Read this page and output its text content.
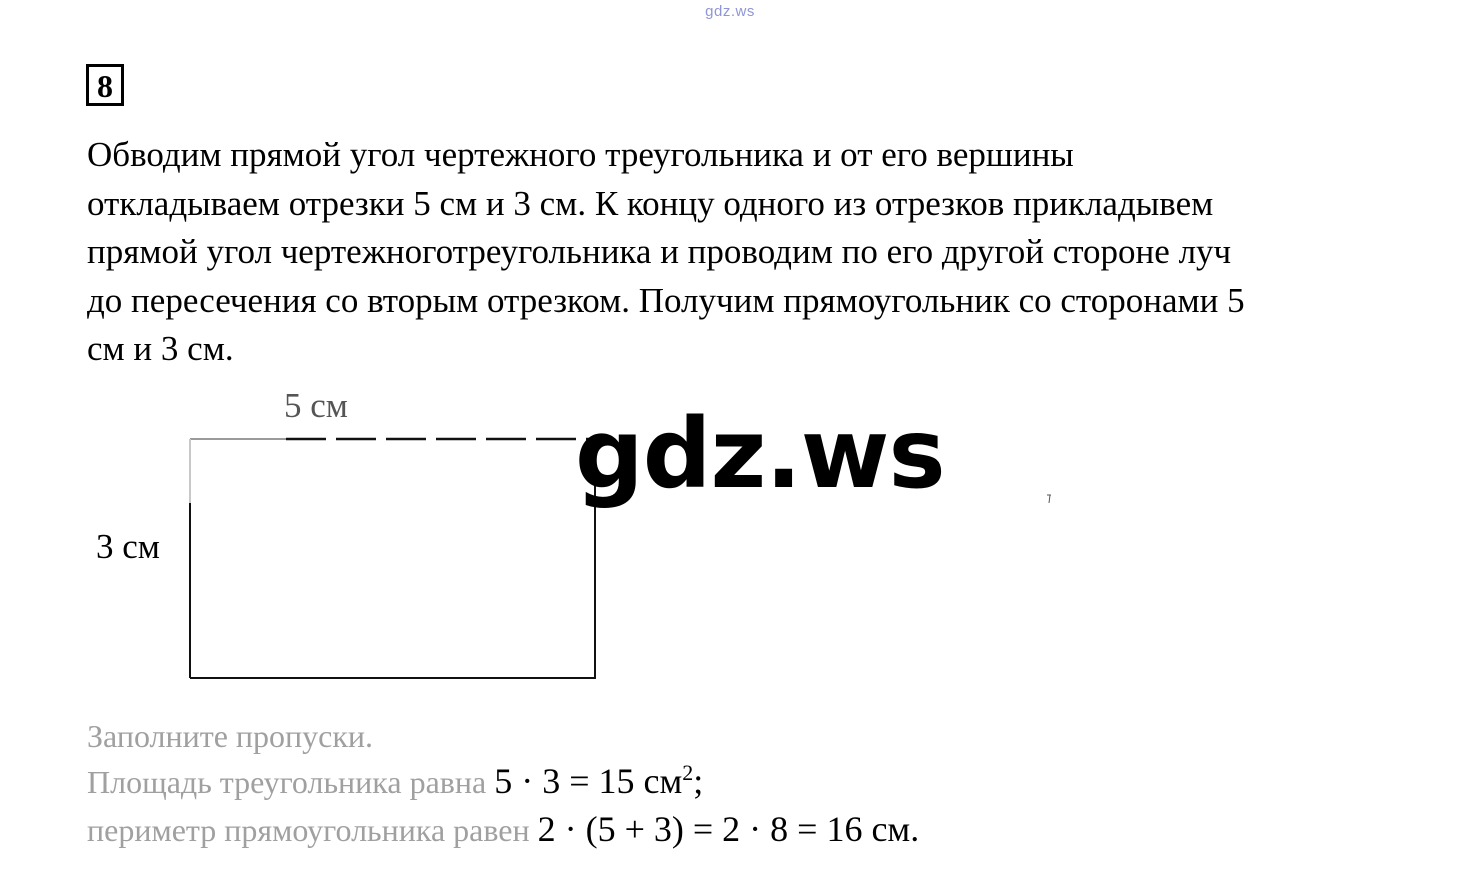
gdz.ws
8
Обводим прямой угол чертежного треугольника и от его вершины
откладываем отрезки 5 см и 3 см. К концу одного из отрезков прикладывем
прямой угол чертежноготреугольника и проводим по его другой стороне луч
до пересечения со вторым отрезком. Получим прямоугольник со сторонами 5
см и 3 см.
5 см
3 см
gdz.ws
Заполните пропуски.
Площадь треугольника равна 5 · 3 = 15 $см^2$;
периметр прямоугольника равен 2 · (5 + 3) = 2 · 8 = 16 см.
